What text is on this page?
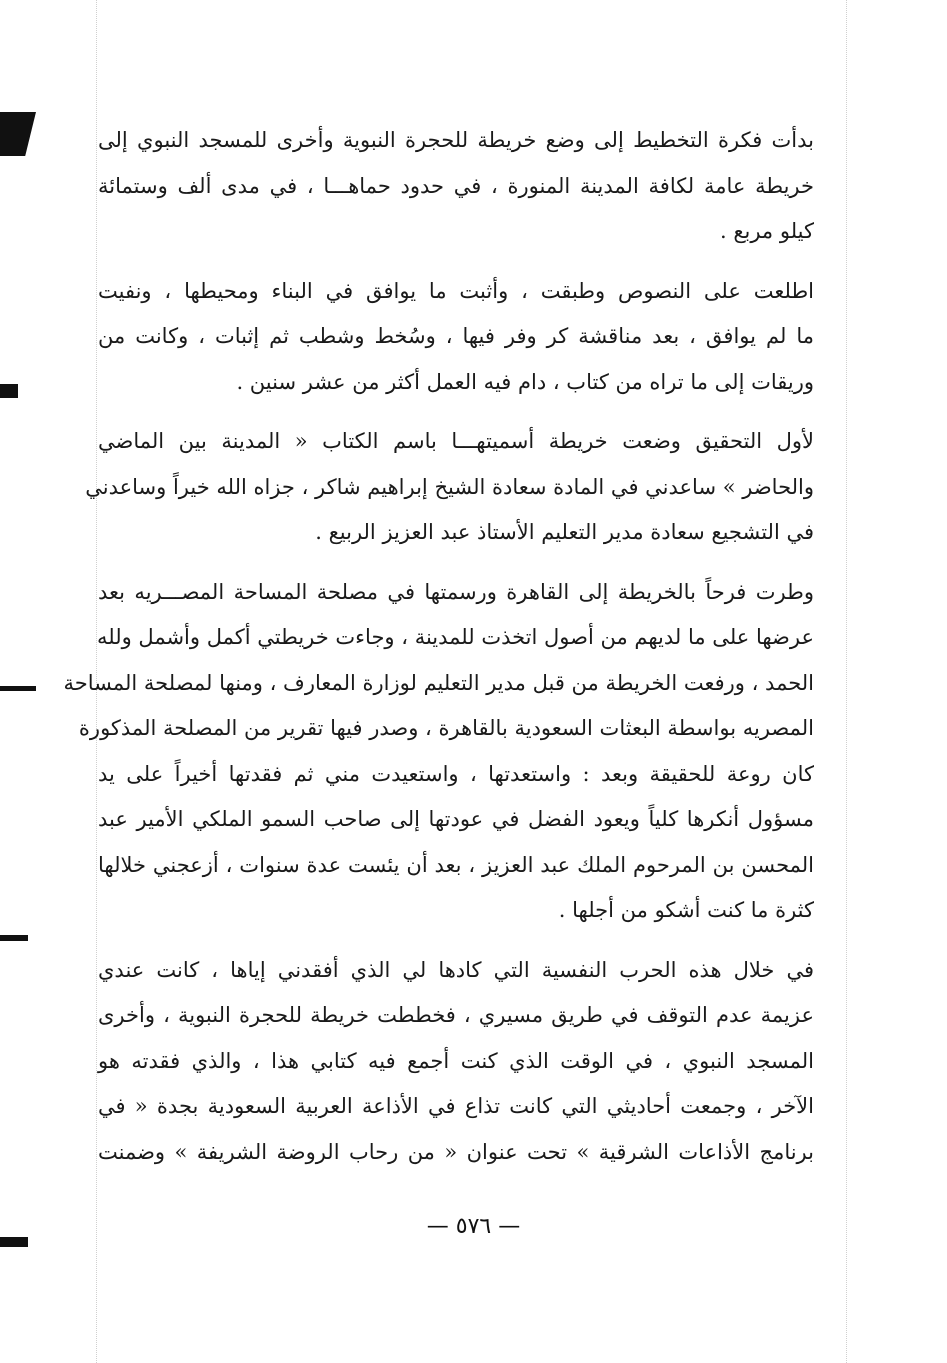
بدأت فكرة التخطيط إلى وضع خريطة للحجرة النبوية وأخرى للمسجد النبوي إلى
خريطة عامة لكافة المدينة المنورة ، في حدود حماهـــا ، في مدى ألف وستمائة
كيلو مربع .

اطلعت على النصوص وطبقت ، وأثبت ما يوافق في البناء ومحيطها ، ونفيت
ما لم يوافق ، بعد مناقشة كر وفر فيها ، وسُخط وشطب ثم إثبات ، وكانت من
وريقات إلى ما تراه من كتاب ، دام فيه العمل أكثر من عشر سنين .

لأول التحقيق وضعت خريطة أسميتهـــا باسم الكتاب « المدينة بين الماضي
والحاضر » ساعدني في المادة سعادة الشيخ إبراهيم شاكر ، جزاه الله خيراً وساعدني
في التشجيع سعادة مدير التعليم الأستاذ عبد العزيز الربيع .

وطرت فرحاً بالخريطة إلى القاهرة ورسمتها في مصلحة المساحة المصـــريه بعد
عرضها على ما لديهم من أصول اتخذت للمدينة ، وجاءت خريطتي أكمل وأشمل ولله
الحمد ، ورفعت الخريطة من قبل مدير التعليم لوزارة المعارف ، ومنها لمصلحة المساحة
المصريه بواسطة البعثات السعودية بالقاهرة ، وصدر فيها تقرير من المصلحة المذكورة
كان روعة للحقيقة وبعد : واستعدتها ، واستعيدت مني ثم فقدتها أخيراً على يد
مسؤول أنكرها كلياً ويعود الفضل في عودتها إلى صاحب السمو الملكي الأمير عبد
المحسن بن المرحوم الملك عبد العزيز ، بعد أن يئست عدة سنوات ، أزعجني خلالها
كثرة ما كنت أشكو من أجلها .

في خلال هذه الحرب النفسية التي كادها لي الذي أفقدني إياها ، كانت عندي
عزيمة عدم التوقف في طريق مسيري ، فخططت خريطة للحجرة النبوية ، وأخرى
المسجد النبوي ، في الوقت الذي كنت أجمع فيه كتابي هذا ، والذي فقدته هو
الآخر ، وجمعت أحاديثي التي كانت تذاع في الأذاعة العربية السعودية بجدة « في
برنامج الأذاعات الشرقية » تحت عنوان « من رحاب الروضة الشريفة » وضمنت

— ٥٧٦ —
